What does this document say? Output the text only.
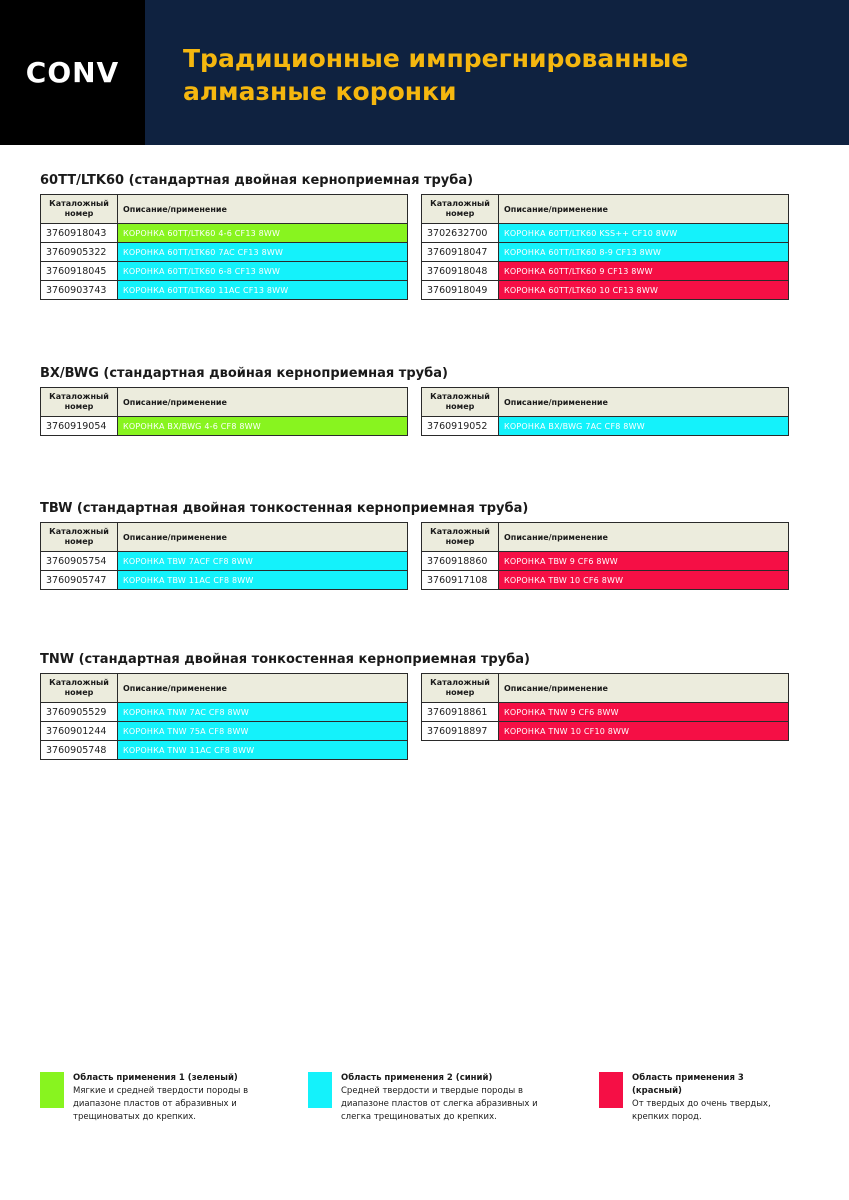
CONV	Традиционные импрегнированные алмазные коронки
60TT/LTK60 (стандартная двойная керноприемная труба)
Каталожный номер	Описание/применение
3760918043	КОРОНКА 60TT/LTK60 4-6 CF13 8WW
3760905322	КОРОНКА 60TT/LTK60 7AC CF13 8WW
3760918045	КОРОНКА 60TT/LTK60 6-8 CF13 8WW
3760903743	КОРОНКА 60TT/LTK60 11AC CF13 8WW
Каталожный номер	Описание/применение
3702632700	КОРОНКА 60TT/LTK60 KSS++ CF10 8WW
3760918047	КОРОНКА 60TT/LTK60 8-9 CF13 8WW
3760918048	КОРОНКА 60TT/LTK60 9 CF13 8WW
3760918049	КОРОНКА 60TT/LTK60 10 CF13 8WW
BX/BWG (стандартная двойная керноприемная труба)
Каталожный номер	Описание/применение
3760919054	КОРОНКА BX/BWG 4-6 CF8 8WW
Каталожный номер	Описание/применение
3760919052	КОРОНКА BX/BWG 7AC CF8 8WW
TBW (стандартная двойная тонкостенная керноприемная труба)
Каталожный номер	Описание/применение
3760905754	КОРОНКА TBW 7ACF CF8 8WW
3760905747	КОРОНКА TBW 11AC CF8 8WW
Каталожный номер	Описание/применение
3760918860	КОРОНКА TBW 9 CF6 8WW
3760917108	КОРОНКА TBW 10 CF6 8WW
TNW (стандартная двойная тонкостенная керноприемная труба)
Каталожный номер	Описание/применение
3760905529	КОРОНКА TNW 7AC CF8 8WW
3760901244	КОРОНКА TNW 75A CF8 8WW
3760905748	КОРОНКА TNW 11AC CF8 8WW
Каталожный номер	Описание/применение
3760918861	КОРОНКА TNW 9 CF6 8WW
3760918897	КОРОНКА TNW 10 CF10 8WW
Область применения 1 (зеленый)
Мягкие и средней твердости породы в диапазоне пластов от абразивных и трещиноватых до крепких.
Область применения 2 (синий)
Средней твердости и твердые породы в диапазоне пластов от слегка абразивных и слегка трещиноватых до крепких.
Область применения 3 (красный)
От твердых до очень твердых, крепких пород.
